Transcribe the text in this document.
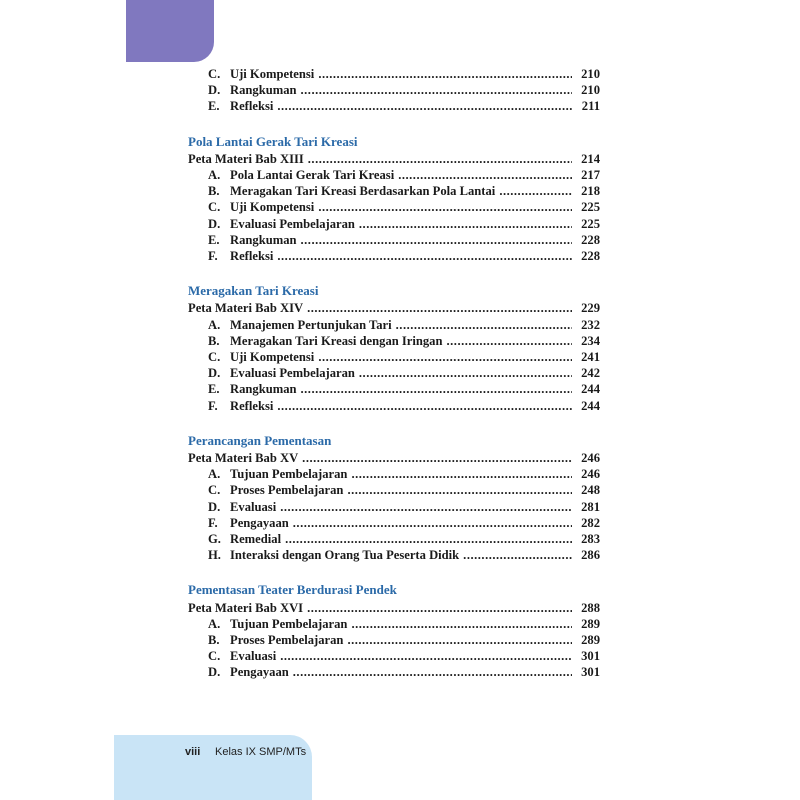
C. Uji Kompetensi .....	210
D. Rangkuman .....	210
E. Refleksi .....	211
Pola Lantai Gerak Tari Kreasi
Peta Materi Bab XIII .....	214
A. Pola Lantai Gerak Tari Kreasi .....	217
B. Meragakan Tari Kreasi Berdasarkan Pola Lantai .....	218
C. Uji Kompetensi .....	225
D. Evaluasi Pembelajaran .....	225
E. Rangkuman .....	228
F. Refleksi .....	228
Meragakan Tari Kreasi
Peta Materi Bab XIV .....	229
A. Manajemen Pertunjukan Tari .....	232
B. Meragakan Tari Kreasi dengan Iringan .....	234
C. Uji Kompetensi .....	241
D. Evaluasi Pembelajaran .....	242
E. Rangkuman .....	244
F. Refleksi .....	244
Perancangan Pementasan
Peta Materi Bab XV .....	246
A. Tujuan Pembelajaran .....	246
C. Proses Pembelajaran .....	248
D. Evaluasi .....	281
F. Pengayaan .....	282
G. Remedial .....	283
H. Interaksi dengan Orang Tua Peserta Didik .....	286
Pementasan Teater Berdurasi Pendek
Peta Materi Bab XVI .....	288
A. Tujuan Pembelajaran .....	289
B. Proses Pembelajaran .....	289
C. Evaluasi .....	301
D. Pengayaan .....	301
viii Kelas IX SMP/MTs
